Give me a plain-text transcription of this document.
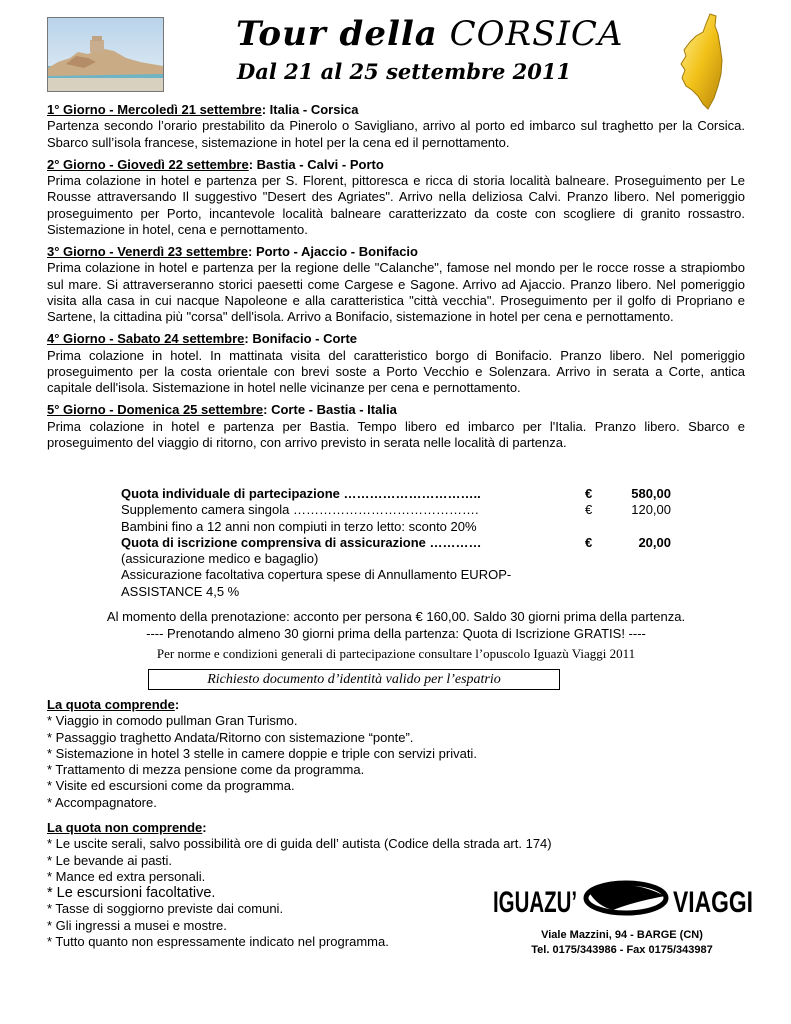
Tour della CORSICA
Dal 21 al 25 settembre 2011
1° Giorno - Mercoledì 21 settembre: Italia - Corsica
Partenza secondo l’orario prestabilito da Pinerolo o Savigliano, arrivo al porto ed imbarco sul traghetto per la Corsica. Sbarco sull’isola francese, sistemazione in hotel per la cena ed il pernottamento.
2° Giorno - Giovedì 22 settembre: Bastia - Calvi - Porto
Prima colazione in hotel e partenza per S. Florent, pittoresca e ricca di storia località balneare. Proseguimento per Le Rousse attraversando Il suggestivo "Desert des Agriates". Arrivo nella deliziosa Calvi. Pranzo libero. Nel pomeriggio proseguimento per Porto, incantevole località balneare caratterizzato da coste con scogliere di granito rossastro. Sistemazione in hotel, cena e pernottamento.
3° Giorno - Venerdì 23 settembre: Porto - Ajaccio - Bonifacio
Prima colazione in hotel e partenza per la regione delle "Calanche", famose nel mondo per le rocce rosse a strapiombo sul mare. Si attraverseranno storici paesetti come Cargese e Sagone. Arrivo ad Ajaccio. Pranzo libero. Nel pomeriggio visita alla casa in cui nacque Napoleone e alla caratteristica "città vecchia". Proseguimento per il golfo di Propriano e Sartene, la cittadina più "corsa" dell'isola. Arrivo a Bonifacio, sistemazione in hotel per cena e pernottamento.
4° Giorno - Sabato 24 settembre: Bonifacio - Corte
Prima colazione in hotel. In mattinata visita del caratteristico borgo di Bonifacio. Pranzo libero. Nel pomeriggio proseguimento per la costa orientale con brevi soste a Porto Vecchio e Solenzara. Arrivo in serata a Corte, antica capitale dell'isola. Sistemazione in hotel nelle vicinanze per cena e pernottamento.
5° Giorno - Domenica 25 settembre: Corte - Bastia - Italia
Prima colazione in hotel e partenza per Bastia. Tempo libero ed imbarco per l'Italia. Pranzo libero. Sbarco e proseguimento del viaggio di ritorno, con arrivo previsto in serata nelle località di partenza.
Quota individuale di partecipazione …………………………..	€	580,00
Supplemento camera singola …………………………………….	€	120,00
Bambini fino a 12 anni non compiuti in terzo letto: sconto 20%
Quota di iscrizione comprensiva di assicurazione …………	€	20,00
(assicurazione medico e bagaglio)
Assicurazione facoltativa copertura spese di Annullamento EUROP-ASSISTANCE 4,5 %
Al momento della prenotazione: acconto per persona € 160,00. Saldo 30 giorni prima della partenza.
---- Prenotando almeno 30 giorni prima della partenza: Quota di Iscrizione GRATIS! ----
Per norme e condizioni generali di partecipazione consultare l’opuscolo Iguazù Viaggi 2011
Richiesto documento d’identità valido per l’espatrio
La quota comprende:
* Viaggio in comodo pullman Gran Turismo.
* Passaggio traghetto Andata/Ritorno con sistemazione “ponte”.
* Sistemazione in hotel 3 stelle in camere doppie e triple con servizi privati.
* Trattamento di mezza pensione come da programma.
* Visite ed escursioni come da programma.
* Accompagnatore.
La quota non comprende:
* Le uscite serali, salvo possibilità ore di guida dell’ autista (Codice della strada art. 174)
* Le bevande ai pasti.
* Mance ed extra personali.
* Le escursioni facoltative.
* Tasse di soggiorno previste dai comuni.
* Gli ingressi a musei e mostre.
* Tutto quanto non espressamente indicato nel programma.
IGUAZU’	VIAGGI
Viale Mazzini, 94 - BARGE (CN)
Tel. 0175/343986 - Fax 0175/343987
